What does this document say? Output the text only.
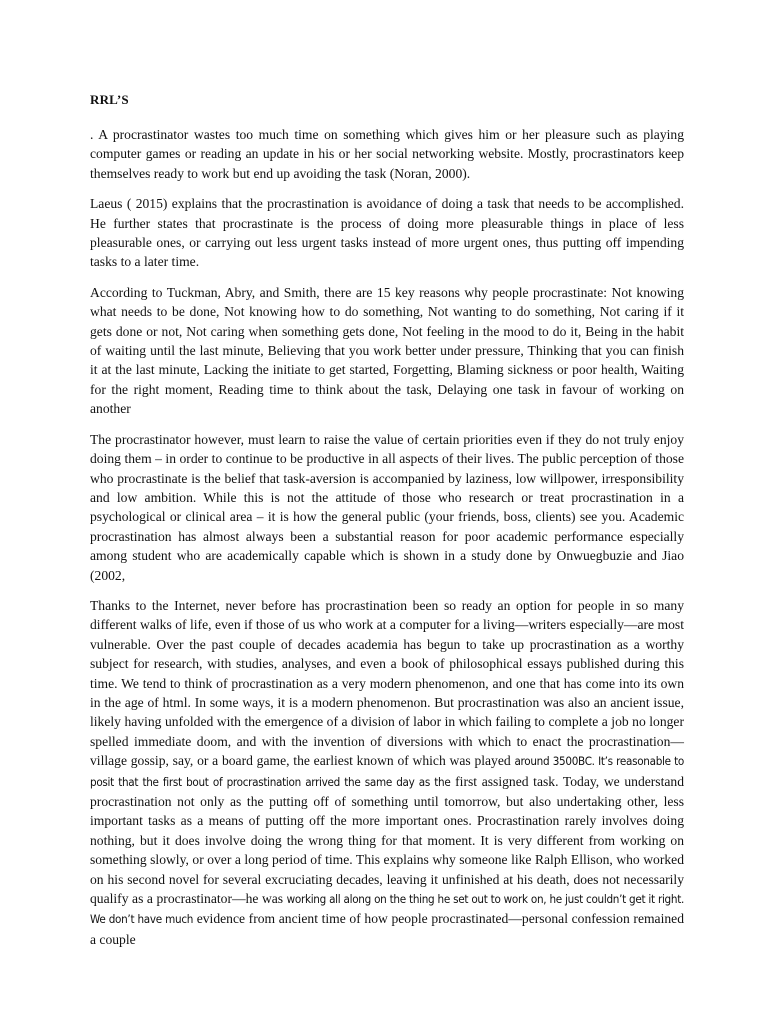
RRL’S

. A procrastinator wastes too much time on something which gives him or her pleasure such as playing computer games or reading an update in his or her social networking website. Mostly, procrastinators keep themselves ready to work but end up avoiding the task (Noran, 2000).

Laeus ( 2015) explains that the procrastination is avoidance of doing a task that needs to be accomplished. He further states that procrastinate is the process of doing more pleasurable things in place of less pleasurable ones, or carrying out less urgent tasks instead of more urgent ones, thus putting off impending tasks to a later time.

According to Tuckman, Abry, and Smith, there are 15 key reasons why people procrastinate: Not knowing what needs to be done, Not knowing how to do something, Not wanting to do something, Not caring if it gets done or not, Not caring when something gets done, Not feeling in the mood to do it, Being in the habit of waiting until the last minute, Believing that you work better under pressure, Thinking that you can finish it at the last minute, Lacking the initiate to get started, Forgetting, Blaming sickness or poor health, Waiting for the right moment, Reading time to think about the task, Delaying one task in favour of working on another

The procrastinator however, must learn to raise the value of certain priorities even if they do not truly enjoy doing them – in order to continue to be productive in all aspects of their lives. The public perception of those who procrastinate is the belief that task-aversion is accompanied by laziness, low willpower, irresponsibility and low ambition. While this is not the attitude of those who research or treat procrastination in a psychological or clinical area – it is how the general public (your friends, boss, clients) see you. Academic procrastination has almost always been a substantial reason for poor academic performance especially among student who are academically capable which is shown in a study done by Onwuegbuzie and Jiao (2002,

Thanks to the Internet, never before has procrastination been so ready an option for people in so many different walks of life, even if those of us who work at a computer for a living—writers especially—are most vulnerable. Over the past couple of decades academia has begun to take up procrastination as a worthy subject for research, with studies, analyses, and even a book of philosophical essays published during this time. We tend to think of procrastination as a very modern phenomenon, and one that has come into its own in the age of html. In some ways, it is a modern phenomenon. But procrastination was also an ancient issue, likely having unfolded with the emergence of a division of labor in which failing to complete a job no longer spelled immediate doom, and with the invention of diversions with which to enact the procrastination—village gossip, say, or a board game, the earliest known of which was played around 3500BC. It’s reasonable to posit that the first bout of procrastination arrived the same day as the first assigned task. Today, we understand procrastination not only as the putting off of something until tomorrow, but also undertaking other, less important tasks as a means of putting off the more important ones. Procrastination rarely involves doing nothing, but it does involve doing the wrong thing for that moment. It is very different from working on something slowly, or over a long period of time. This explains why someone like Ralph Ellison, who worked on his second novel for several excruciating decades, leaving it unfinished at his death, does not necessarily qualify as a procrastinator—he was working all along on the thing he set out to work on, he just couldn’t get it right. We don’t have much evidence from ancient time of how people procrastinated—personal confession remained a couple
